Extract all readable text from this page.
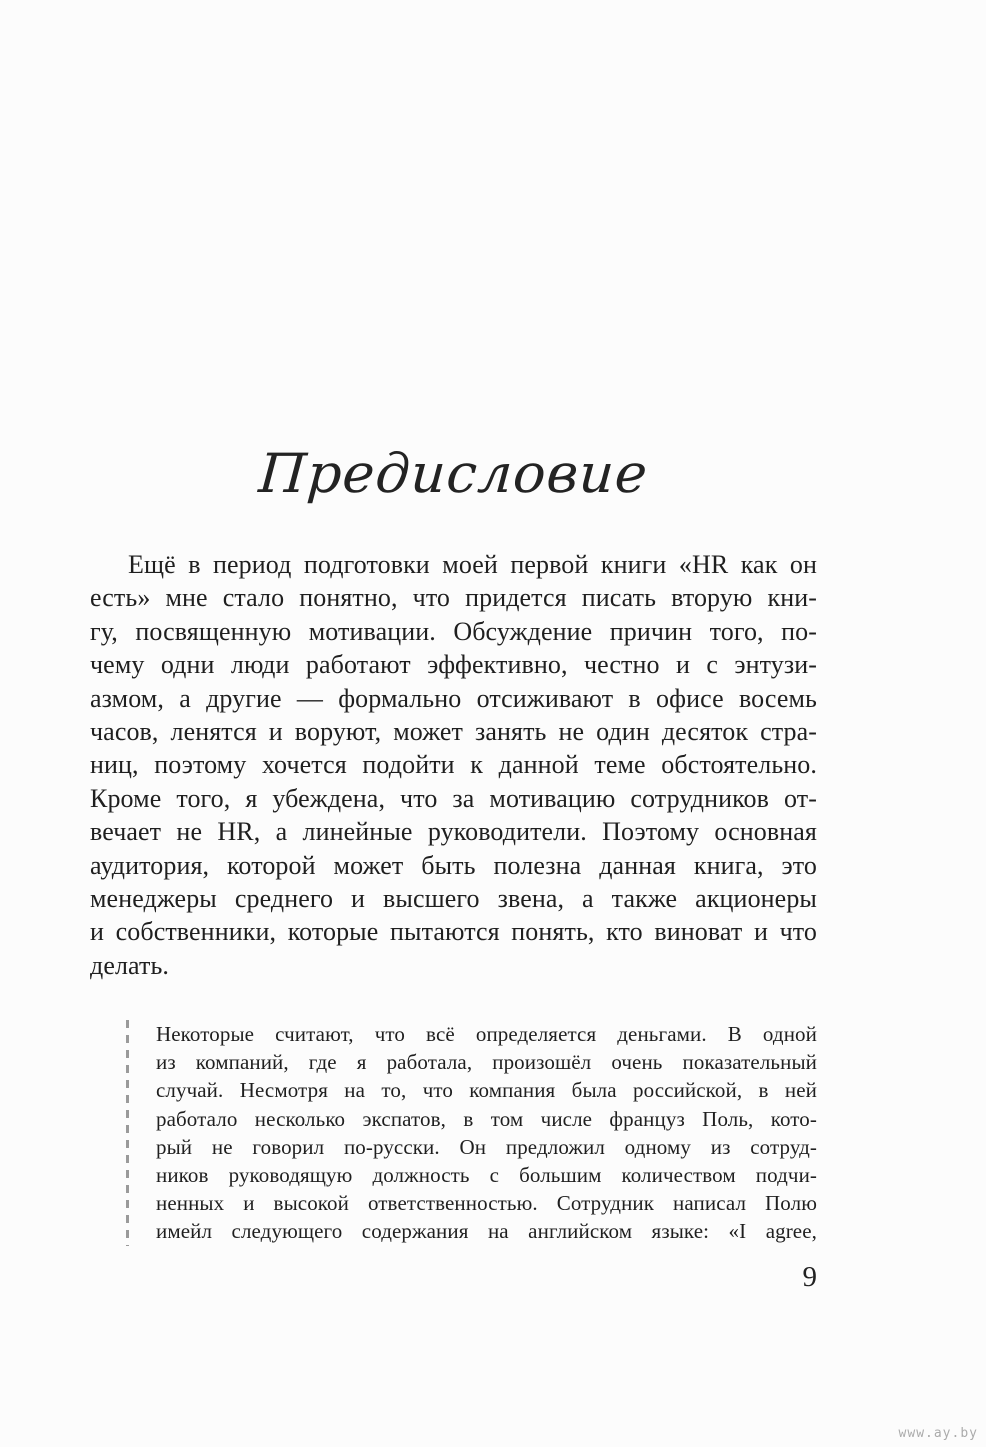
Предисловие
Ещё в период подготовки моей первой книги «HR как он
есть» мне стало понятно, что придется писать вторую кни-
гу, посвященную мотивации. Обсуждение причин того, по-
чему одни люди работают эффективно, честно и с энтузи-
азмом, а другие — формально отсиживают в офисе восемь
часов, ленятся и воруют, может занять не один десяток стра-
ниц, поэтому хочется подойти к данной теме обстоятельно.
Кроме того, я убеждена, что за мотивацию сотрудников от-
вечает не HR, а линейные руководители. Поэтому основная
аудитория, которой может быть полезна данная книга, это
менеджеры среднего и высшего звена, а также акционеры
и собственники, которые пытаются понять, кто виноват и что
делать.
Некоторые считают, что всё определяется деньгами. В одной
из компаний, где я работала, произошёл очень показательный
случай. Несмотря на то, что компания была российской, в ней
работало несколько экспатов, в том числе француз Поль, кото-
рый не говорил по-русски. Он предложил одному из сотруд-
ников руководящую должность с большим количеством подчи-
ненных и высокой ответственностью. Сотрудник написал Полю
имейл следующего содержания на английском языке: «I agree,
9
www.ay.by
